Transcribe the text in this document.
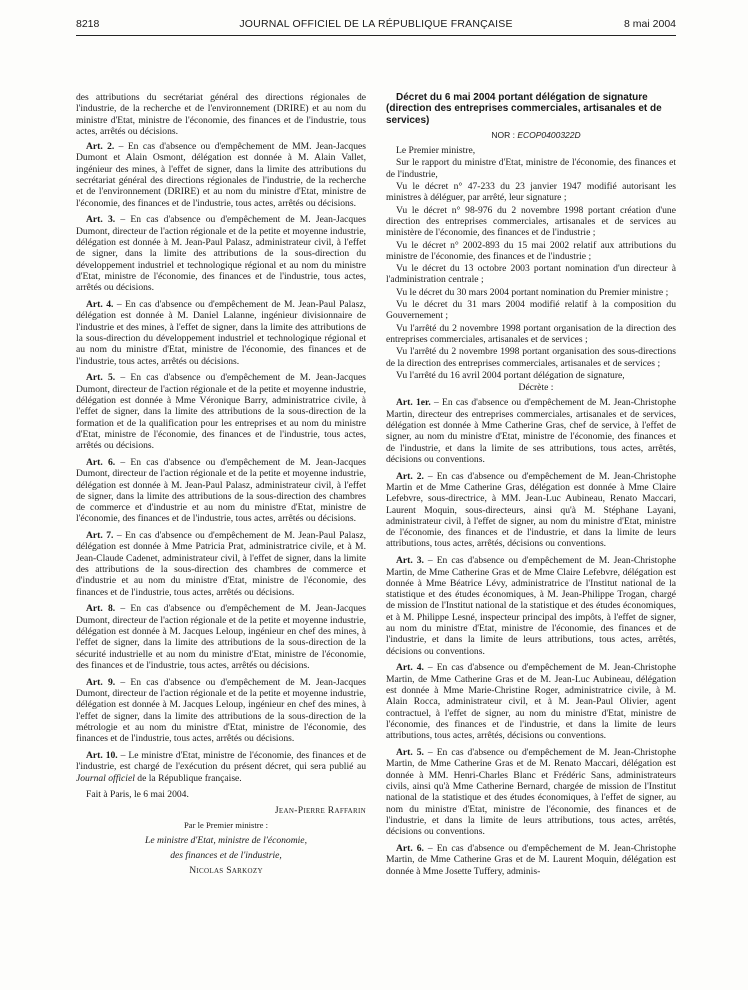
8218	JOURNAL OFFICIEL DE LA RÉPUBLIQUE FRANÇAISE	8 mai 2004

des attributions du secrétariat général des directions régionales de l'industrie, de la recherche et de l'environnement (DRIRE) et au nom du ministre d'Etat, ministre de l'économie, des finances et de l'industrie, tous actes, arrêtés ou décisions.

Art. 2. – En cas d'absence ou d'empêchement de MM. Jean-Jacques Dumont et Alain Osmont, délégation est donnée à M. Alain Vallet, ingénieur des mines, à l'effet de signer, dans la limite des attributions du secrétariat général des directions régionales de l'industrie, de la recherche et de l'environnement (DRIRE) et au nom du ministre d'Etat, ministre de l'économie, des finances et de l'industrie, tous actes, arrêtés ou décisions.

Art. 3. – En cas d'absence ou d'empêchement de M. Jean-Jacques Dumont, directeur de l'action régionale et de la petite et moyenne industrie, délégation est donnée à M. Jean-Paul Palasz, administrateur civil, à l'effet de signer, dans la limite des attributions de la sous-direction du développement industriel et technologique régional et au nom du ministre d'Etat, ministre de l'économie, des finances et de l'industrie, tous actes, arrêtés ou décisions.

Art. 4. – En cas d'absence ou d'empêchement de M. Jean-Paul Palasz, délégation est donnée à M. Daniel Lalanne, ingénieur divisionnaire de l'industrie et des mines, à l'effet de signer, dans la limite des attributions de la sous-direction du développement industriel et technologique régional et au nom du ministre d'Etat, ministre de l'économie, des finances et de l'industrie, tous actes, arrêtés ou décisions.

Art. 5. – En cas d'absence ou d'empêchement de M. Jean-Jacques Dumont, directeur de l'action régionale et de la petite et moyenne industrie, délégation est donnée à Mme Véronique Barry, administratrice civile, à l'effet de signer, dans la limite des attributions de la sous-direction de la formation et de la qualification pour les entreprises et au nom du ministre d'Etat, ministre de l'économie, des finances et de l'industrie, tous actes, arrêtés ou décisions.

Art. 6. – En cas d'absence ou d'empêchement de M. Jean-Jacques Dumont, directeur de l'action régionale et de la petite et moyenne industrie, délégation est donnée à M. Jean-Paul Palasz, administrateur civil, à l'effet de signer, dans la limite des attributions de la sous-direction des chambres de commerce et d'industrie et au nom du ministre d'Etat, ministre de l'économie, des finances et de l'industrie, tous actes, arrêtés ou décisions.

Art. 7. – En cas d'absence ou d'empêchement de M. Jean-Paul Palasz, délégation est donnée à Mme Patricia Prat, administratrice civile, et à M. Jean-Claude Cadenet, administrateur civil, à l'effet de signer, dans la limite des attributions de la sous-direction des chambres de commerce et d'industrie et au nom du ministre d'Etat, ministre de l'économie, des finances et de l'industrie, tous actes, arrêtés ou décisions.

Art. 8. – En cas d'absence ou d'empêchement de M. Jean-Jacques Dumont, directeur de l'action régionale et de la petite et moyenne industrie, délégation est donnée à M. Jacques Leloup, ingénieur en chef des mines, à l'effet de signer, dans la limite des attributions de la sous-direction de la sécurité industrielle et au nom du ministre d'Etat, ministre de l'économie, des finances et de l'industrie, tous actes, arrêtés ou décisions.

Art. 9. – En cas d'absence ou d'empêchement de M. Jean-Jacques Dumont, directeur de l'action régionale et de la petite et moyenne industrie, délégation est donnée à M. Jacques Leloup, ingénieur en chef des mines, à l'effet de signer, dans la limite des attributions de la sous-direction de la métrologie et au nom du ministre d'Etat, ministre de l'économie, des finances et de l'industrie, tous actes, arrêtés ou décisions.

Art. 10. – Le ministre d'Etat, ministre de l'économie, des finances et de l'industrie, est chargé de l'exécution du présent décret, qui sera publié au Journal officiel de la République française.

Fait à Paris, le 6 mai 2004.

Jean-Pierre Raffarin

Par le Premier ministre :

Le ministre d'Etat, ministre de l'économie,

des finances et de l'industrie,

Nicolas Sarkozy

Décret du 6 mai 2004 portant délégation de signature (direction des entreprises commerciales, artisanales et de services)

NOR : ECOP0400322D

Le Premier ministre,

Sur le rapport du ministre d'Etat, ministre de l'économie, des finances et de l'industrie,

Vu le décret n° 47-233 du 23 janvier 1947 modifié autorisant les ministres à déléguer, par arrêté, leur signature ;

Vu le décret n° 98-976 du 2 novembre 1998 portant création d'une direction des entreprises commerciales, artisanales et de services au ministère de l'économie, des finances et de l'industrie ;

Vu le décret n° 2002-893 du 15 mai 2002 relatif aux attributions du ministre de l'économie, des finances et de l'industrie ;

Vu le décret du 13 octobre 2003 portant nomination d'un directeur à l'administration centrale ;

Vu le décret du 30 mars 2004 portant nomination du Premier ministre ;

Vu le décret du 31 mars 2004 modifié relatif à la composition du Gouvernement ;

Vu l'arrêté du 2 novembre 1998 portant organisation de la direction des entreprises commerciales, artisanales et de services ;

Vu l'arrêté du 2 novembre 1998 portant organisation des sous-directions de la direction des entreprises commerciales, artisanales et de services ;

Vu l'arrêté du 16 avril 2004 portant délégation de signature,

Décrète :

Art. 1er. – En cas d'absence ou d'empêchement de M. Jean-Christophe Martin, directeur des entreprises commerciales, artisanales et de services, délégation est donnée à Mme Catherine Gras, chef de service, à l'effet de signer, au nom du ministre d'Etat, ministre de l'économie, des finances et de l'industrie, et dans la limite de ses attributions, tous actes, arrêtés, décisions ou conventions.

Art. 2. – En cas d'absence ou d'empêchement de M. Jean-Christophe Martin et de Mme Catherine Gras, délégation est donnée à Mme Claire Lefebvre, sous-directrice, à MM. Jean-Luc Aubineau, Renato Maccari, Laurent Moquin, sous-directeurs, ainsi qu'à M. Stéphane Layani, administrateur civil, à l'effet de signer, au nom du ministre d'Etat, ministre de l'économie, des finances et de l'industrie, et dans la limite de leurs attributions, tous actes, arrêtés, décisions ou conventions.

Art. 3. – En cas d'absence ou d'empêchement de M. Jean-Christophe Martin, de Mme Catherine Gras et de Mme Claire Lefebvre, délégation est donnée à Mme Béatrice Lévy, administratrice de l'Institut national de la statistique et des études économiques, à M. Jean-Philippe Trogan, chargé de mission de l'Institut national de la statistique et des études économiques, et à M. Philippe Lesné, inspecteur principal des impôts, à l'effet de signer, au nom du ministre d'Etat, ministre de l'économie, des finances et de l'industrie, et dans la limite de leurs attributions, tous actes, arrêtés, décisions ou conventions.

Art. 4. – En cas d'absence ou d'empêchement de M. Jean-Christophe Martin, de Mme Catherine Gras et de M. Jean-Luc Aubineau, délégation est donnée à Mme Marie-Christine Roger, administratrice civile, à M. Alain Rocca, administrateur civil, et à M. Jean-Paul Olivier, agent contractuel, à l'effet de signer, au nom du ministre d'Etat, ministre de l'économie, des finances et de l'industrie, et dans la limite de leurs attributions, tous actes, arrêtés, décisions ou conventions.

Art. 5. – En cas d'absence ou d'empêchement de M. Jean-Christophe Martin, de Mme Catherine Gras et de M. Renato Maccari, délégation est donnée à MM. Henri-Charles Blanc et Frédéric Sans, administrateurs civils, ainsi qu'à Mme Catherine Bernard, chargée de mission de l'Institut national de la statistique et des études économiques, à l'effet de signer, au nom du ministre d'Etat, ministre de l'économie, des finances et de l'industrie, et dans la limite de leurs attributions, tous actes, arrêtés, décisions ou conventions.

Art. 6. – En cas d'absence ou d'empêchement de M. Jean-Christophe Martin, de Mme Catherine Gras et de M. Laurent Moquin, délégation est donnée à Mme Josette Tuffery, adminis-
